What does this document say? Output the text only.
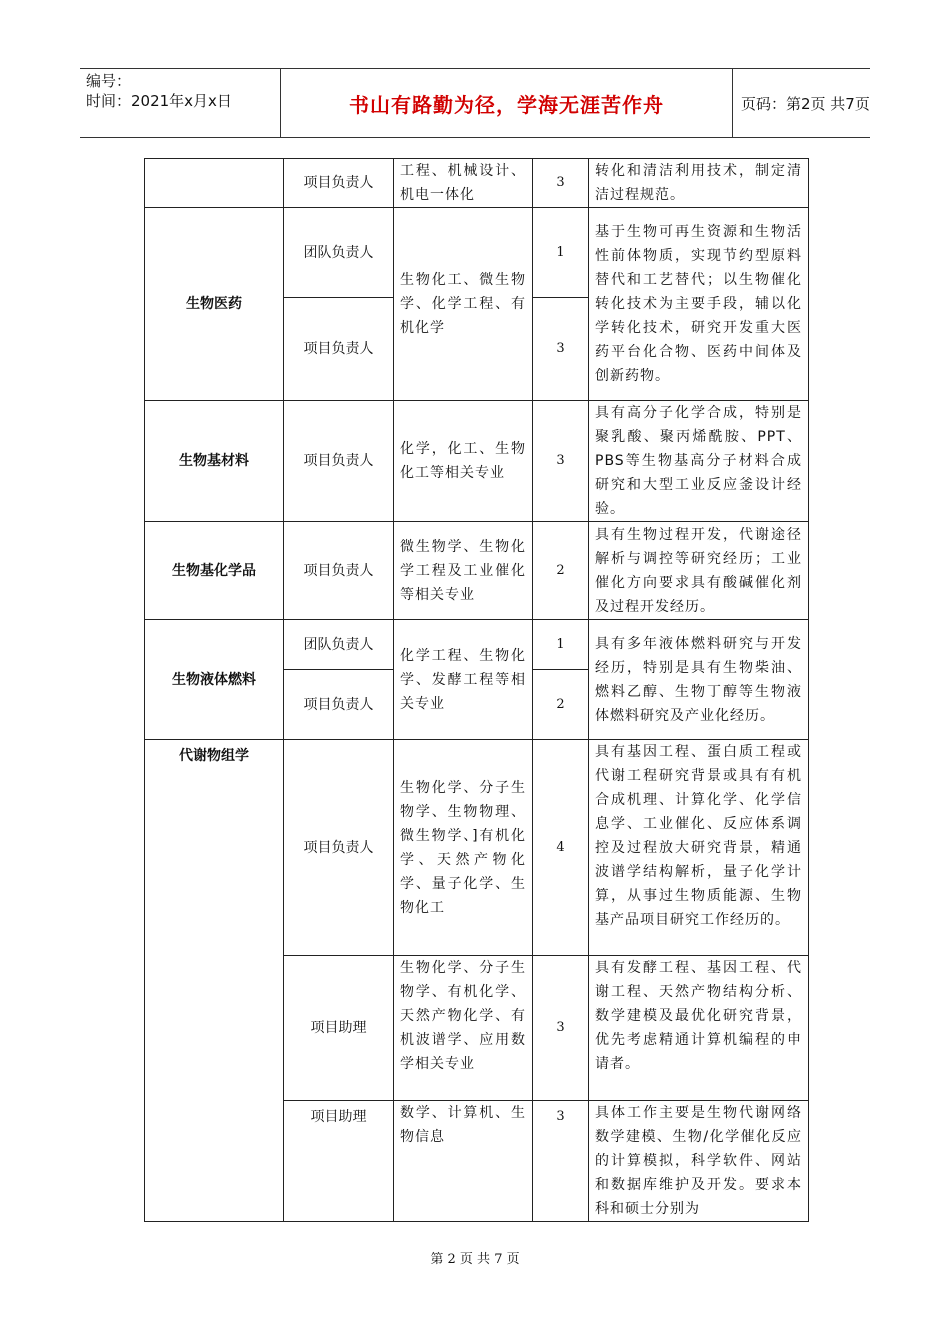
编号：
时间：2021年x月x日	书山有路勤为径，学海无涯苦作舟	页码：第2页 共7页
	项目负责人	工程、机械设计、机电一体化	3	转化和清洁利用技术，制定清洁过程规范。
生物医药	团队负责人	生物化工、微生物学、化学工程、有机化学	1	基于生物可再生资源和生物活性前体物质，实现节约型原料替代和工艺替代；以生物催化转化技术为主要手段，辅以化学转化技术，研究开发重大医药平台化合物、医药中间体及创新药物。
	项目负责人		3	
生物基材料	项目负责人	化学，化工、生物化工等相关专业	3	具有高分子化学合成，特别是聚乳酸、聚丙烯酰胺、PPT、PBS等生物基高分子材料合成研究和大型工业反应釜设计经验。
生物基化学品	项目负责人	微生物学、生物化学工程及工业催化等相关专业	2	具有生物过程开发，代谢途径解析与调控等研究经历；工业催化方向要求具有酸碱催化剂及过程开发经历。
生物液体燃料	团队负责人	化学工程、生物化学、发酵工程等相关专业	1	具有多年液体燃料研究与开发经历，特别是具有生物柴油、燃料乙醇、生物丁醇等生物液体燃料研究及产业化经历。
	项目负责人		2	
代谢物组学	项目负责人	生物化学、分子生物学、生物物理、微生物学、]有机化学、天然产物化学、量子化学、生物化工	4	具有基因工程、蛋白质工程或代谢工程研究背景或具有有机合成机理、计算化学、化学信息学、工业催化、反应体系调控及过程放大研究背景，精通波谱学结构解析，量子化学计算，从事过生物质能源、生物基产品项目研究工作经历的。
	项目助理	生物化学、分子生物学、有机化学、天然产物化学、有机波谱学、应用数学相关专业	3	具有发酵工程、基因工程、代谢工程、天然产物结构分析、数学建模及最优化研究背景，优先考虑精通计算机编程的申请者。
	项目助理	数学、计算机、生物信息	3	具体工作主要是生物代谢网络数学建模、生物/化学催化反应的计算模拟，科学软件、网站和数据库维护及开发。要求本科和硕士分别为
第 2 页 共 7 页
